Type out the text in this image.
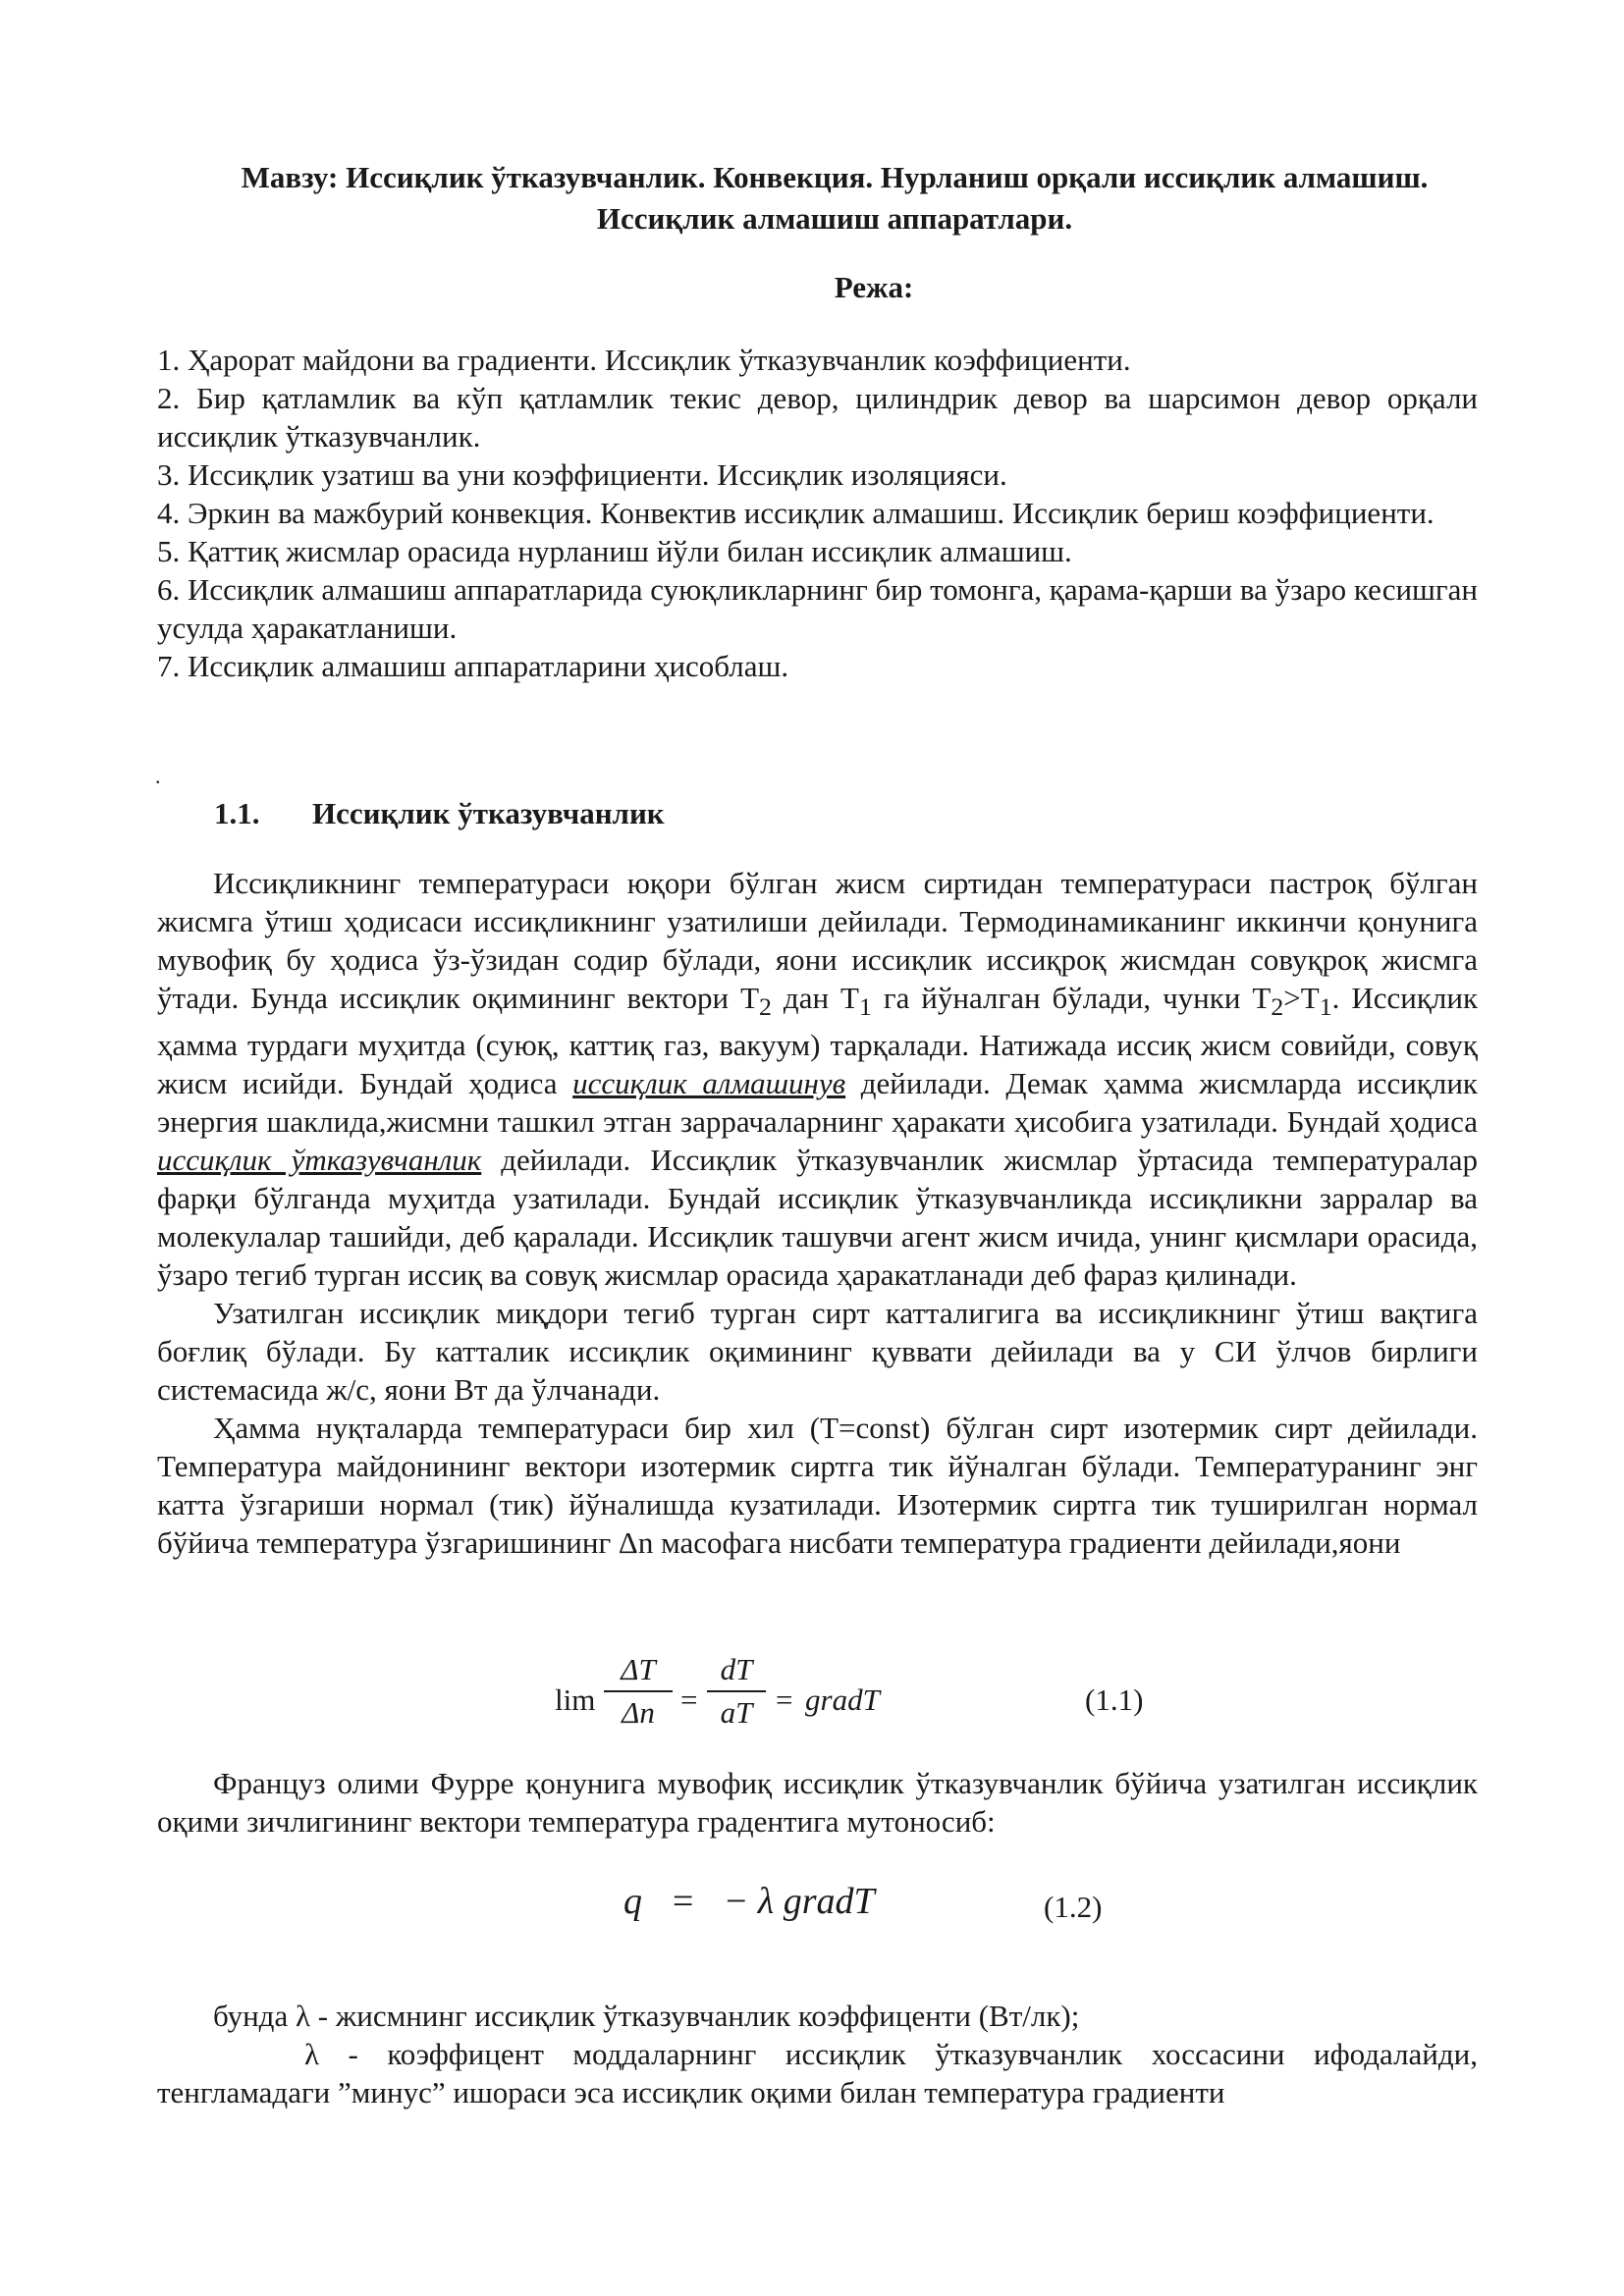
Мавзу: Иссиқлик ўтказувчанлик. Конвекция. Нурланиш орқали иссиқлик алмашиш. Иссиқлик алмашиш аппаратлари.
Режа:

1. Ҳарорат майдони ва градиенти. Иссиқлик ўтказувчанлик коэффициенти.

2. Бир қатламлик ва кўп қатламлик текис девор, цилиндрик девор ва шарсимон девор орқали иссиқлик ўтказувчанлик.

3. Иссиқлик узатиш ва уни коэффициенти. Иссиқлик изоляцияси.

4. Эркин ва мажбурий конвекция. Конвектив иссиқлик алмашиш. Иссиқлик бериш коэффициенти.

5. Қаттиқ жисмлар орасида нурланиш йўли билан иссиқлик алмашиш.

6. Иссиқлик алмашиш аппаратларида суюқликларнинг бир томонга, қарама-қарши ва ўзаро кесишган усулда ҳаракатланиши.

7. Иссиқлик алмашиш аппаратларини ҳисоблаш.

.
1.1. Иссиқлик ўтказувчанлик

Иссиқликнинг температураси юқори бўлган жисм сиртидан температураси пастроқ бўлган жисмга ўтиш ҳодисаси иссиқликнинг узатилиши дейилади. Термодинамиканинг иккинчи қонунига мувофиқ бу ҳодиса ўз-ўзидан содир бўлади, яони иссиқлик иссиқроқ жисмдан совуқроқ жисмга ўтади. Бунда иссиқлик оқимининг вектори $Т_2$ дан $Т_1$ га йўналган бўлади, чунки $Т_2>Т_1$. Иссиқлик ҳамма турдаги муҳитда (суюқ, каттиқ газ, вакуум) тарқалади. Натижада иссиқ жисм совийди, совуқ жисм исийди. Бундай ҳодиса иссиқлик алмашинув дейилади. Демак ҳамма жисмларда иссиқлик энергия шаклида,жисмни ташкил этган заррачаларнинг ҳаракати ҳисобига узатилади. Бундай ҳодиса иссиқлик ўтказувчанлик дейилади. Иссиқлик ўтказувчанлик жисмлар ўртасида температуралар фарқи бўлганда муҳитда узатилади. Бундай иссиқлик ўтказувчанликда иссиқликни зарралар ва молекулалар ташийди, деб қаралади. Иссиқлик ташувчи агент жисм ичида, унинг қисмлари орасида, ўзаро тегиб турган иссиқ ва совуқ жисмлар орасида ҳаракатланади деб фараз қилинади.

Узатилган иссиқлик миқдори тегиб турган сирт катталигига ва иссиқликнинг ўтиш вақтига боғлиқ бўлади. Бу катталик иссиқлик оқимининг қуввати дейилади ва у СИ ўлчов бирлиги системасида ж/с, яони Вт да ўлчанади.

Ҳамма нуқталарда температураси бир хил (Т=const) бўлган сирт изотермик сирт дейилади. Температура майдонининг вектори изотермик сиртга тик йўналган бўлади. Температуранинг энг катта ўзгариши нормал (тик) йўналишда кузатилади. Изотермик сиртга тик туширилган нормал бўйича температура ўзгаришининг Δn масофага нисбати температура градиенти дейилади,яони

lim
ΔT
Δn =
dT
aT = gradT	(1.1)

Француз олими Фурре қонунига мувофиқ иссиқлик ўтказувчанлик бўйича узатилган иссиқлик оқими зичлигининг вектори температура градентига мутоносиб:

q   =   − λ gradT	(1.2)

бунда λ - жисмнинг иссиқлик ўтказувчанлик коэффиценти (Вт/лк);

λ - коэффицент моддаларнинг иссиқлик ўтказувчанлик хоссасини ифодалайди, тенгламадаги ”минус” ишораси эса иссиқлик оқими билан температура градиенти
